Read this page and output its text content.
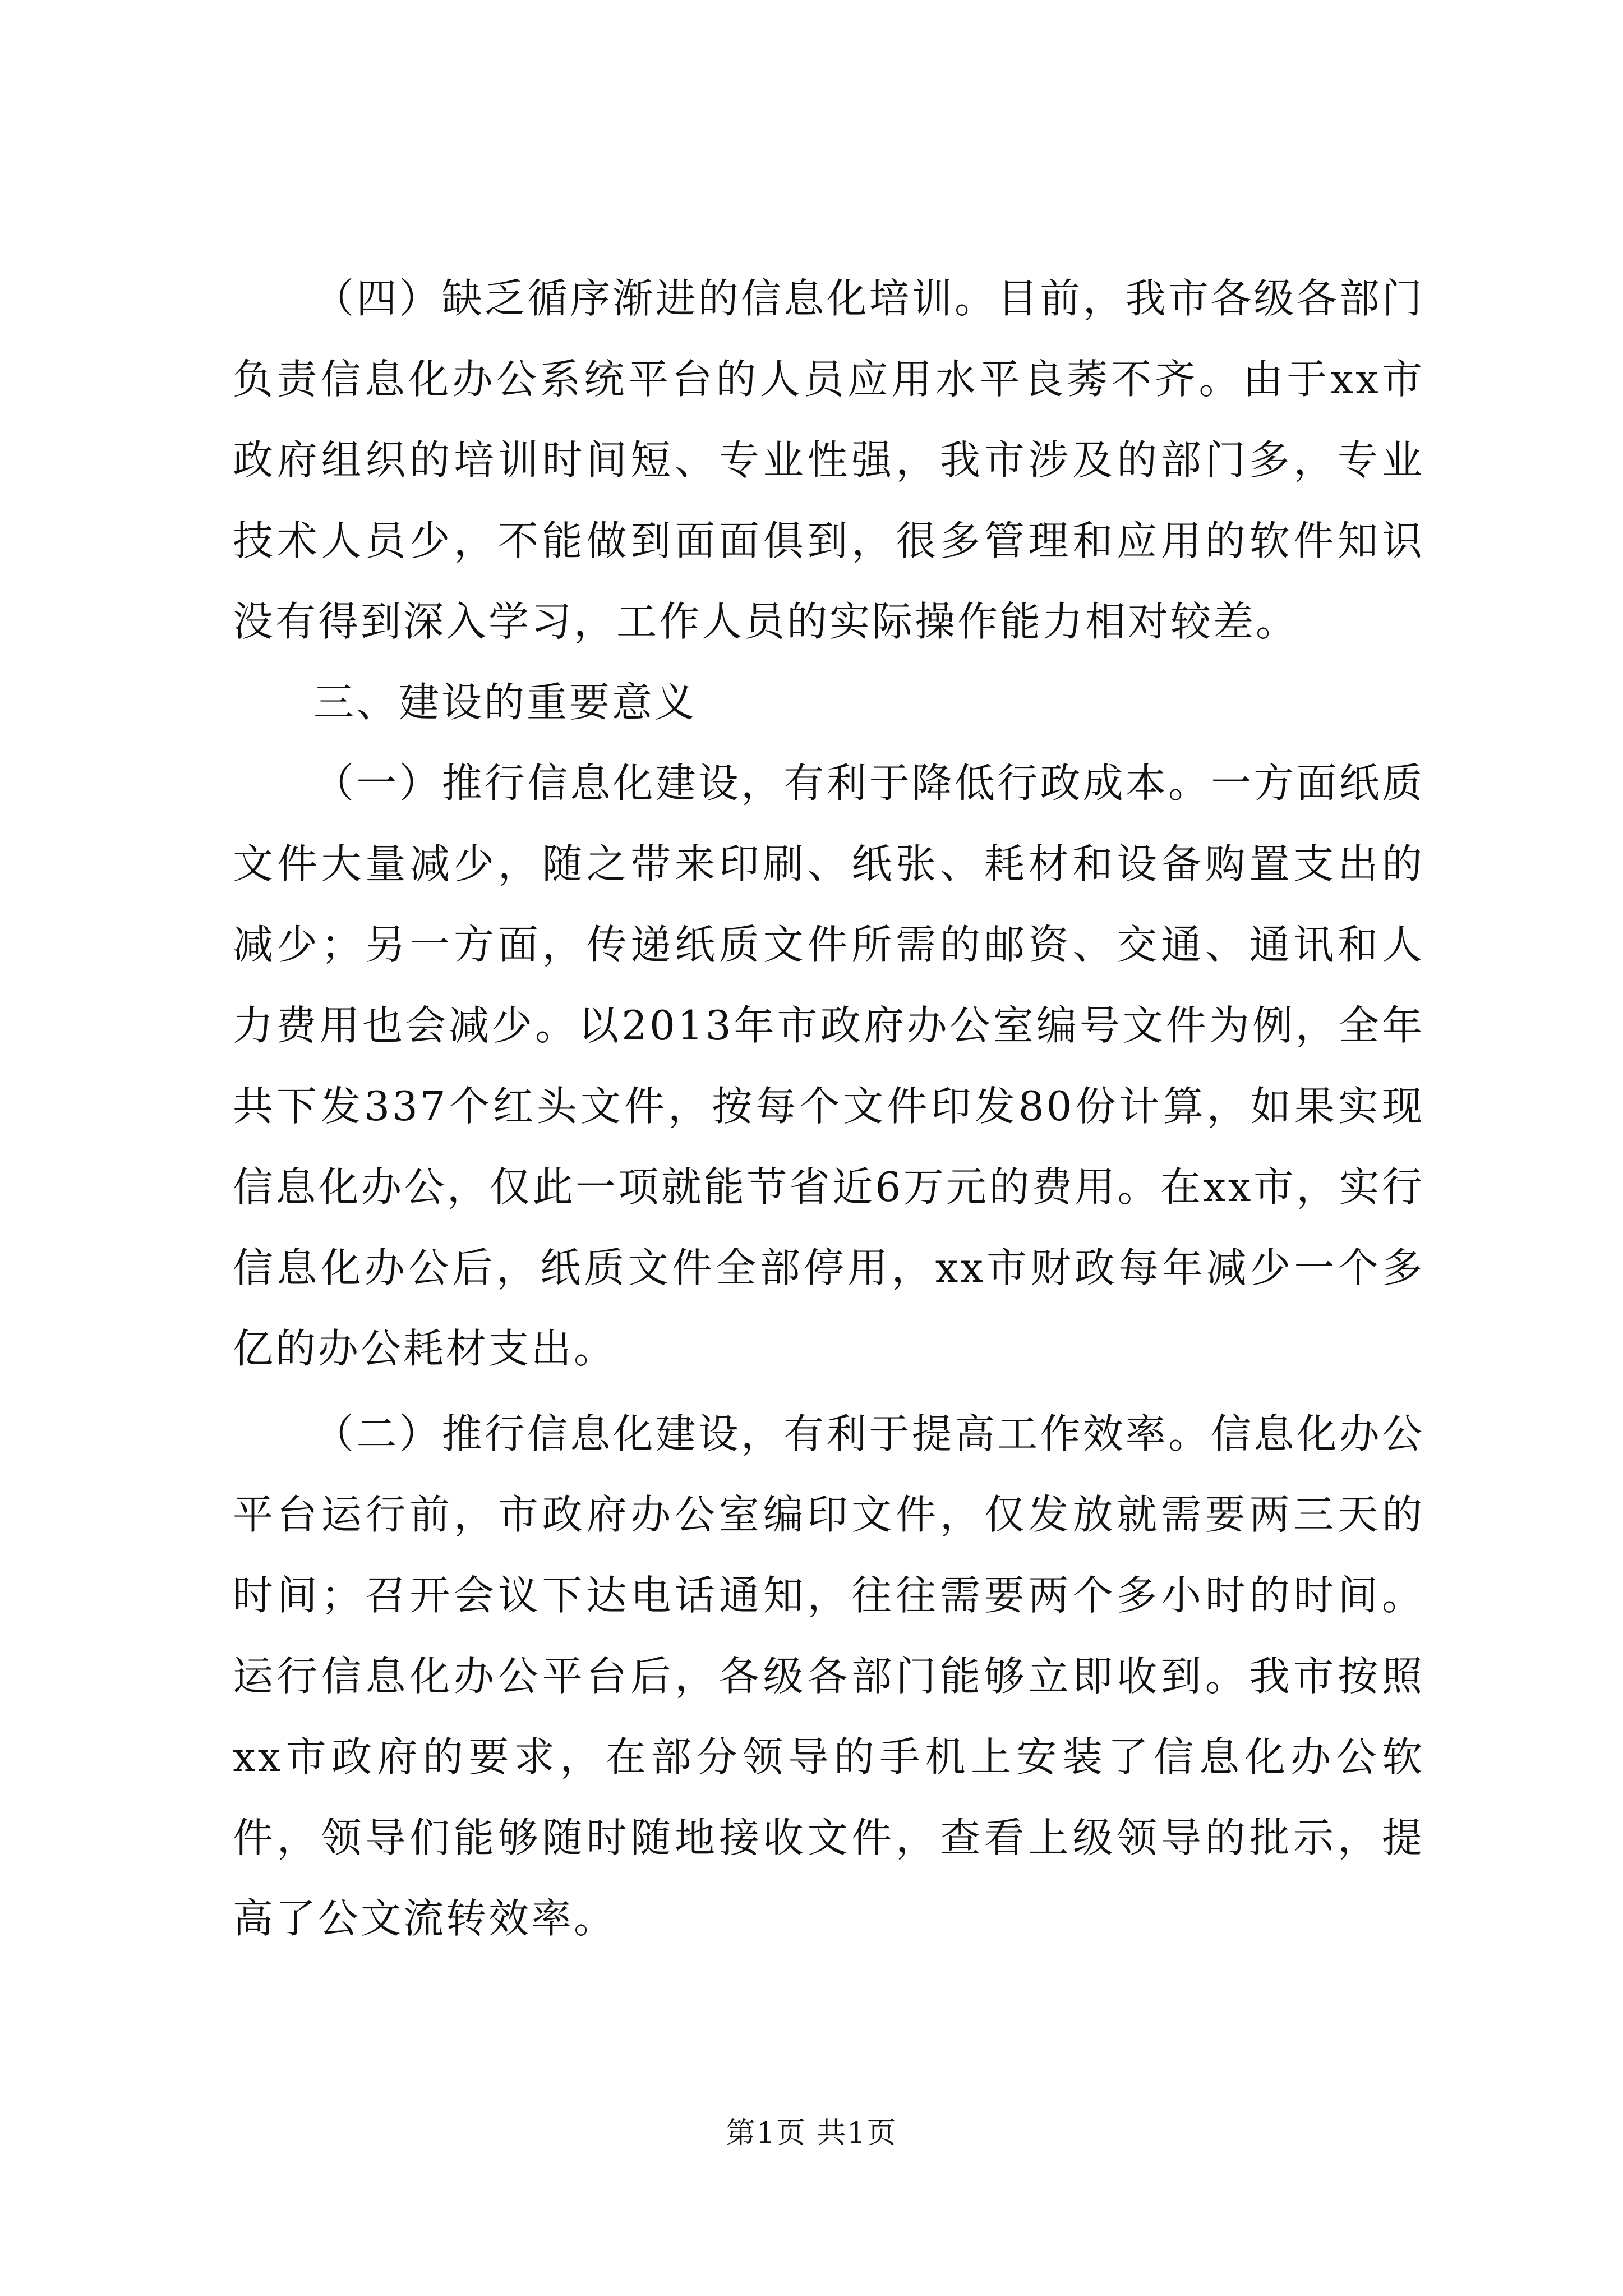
（四）缺乏循序渐进的信息化培训。目前，我市各级各部门负责信息化办公系统平台的人员应用水平良莠不齐。由于xx市政府组织的培训时间短、专业性强，我市涉及的部门多，专业技术人员少，不能做到面面俱到，很多管理和应用的软件知识没有得到深入学习，工作人员的实际操作能力相对较差。

三、建设的重要意义

（一）推行信息化建设，有利于降低行政成本。一方面纸质文件大量减少，随之带来印刷、纸张、耗材和设备购置支出的减少；另一方面，传递纸质文件所需的邮资、交通、通讯和人力费用也会减少。以2013年市政府办公室编号文件为例，全年共下发337个红头文件，按每个文件印发80份计算，如果实现信息化办公，仅此一项就能节省近6万元的费用。在xx市，实行信息化办公后，纸质文件全部停用，xx市财政每年减少一个多亿的办公耗材支出。

（二）推行信息化建设，有利于提高工作效率。信息化办公平台运行前，市政府办公室编印文件，仅发放就需要两三天的时间；召开会议下达电话通知，往往需要两个多小时的时间。运行信息化办公平台后，各级各部门能够立即收到。我市按照xx市政府的要求，在部分领导的手机上安装了信息化办公软件，领导们能够随时随地接收文件，查看上级领导的批示，提高了公文流转效率。

第1页 共1页
